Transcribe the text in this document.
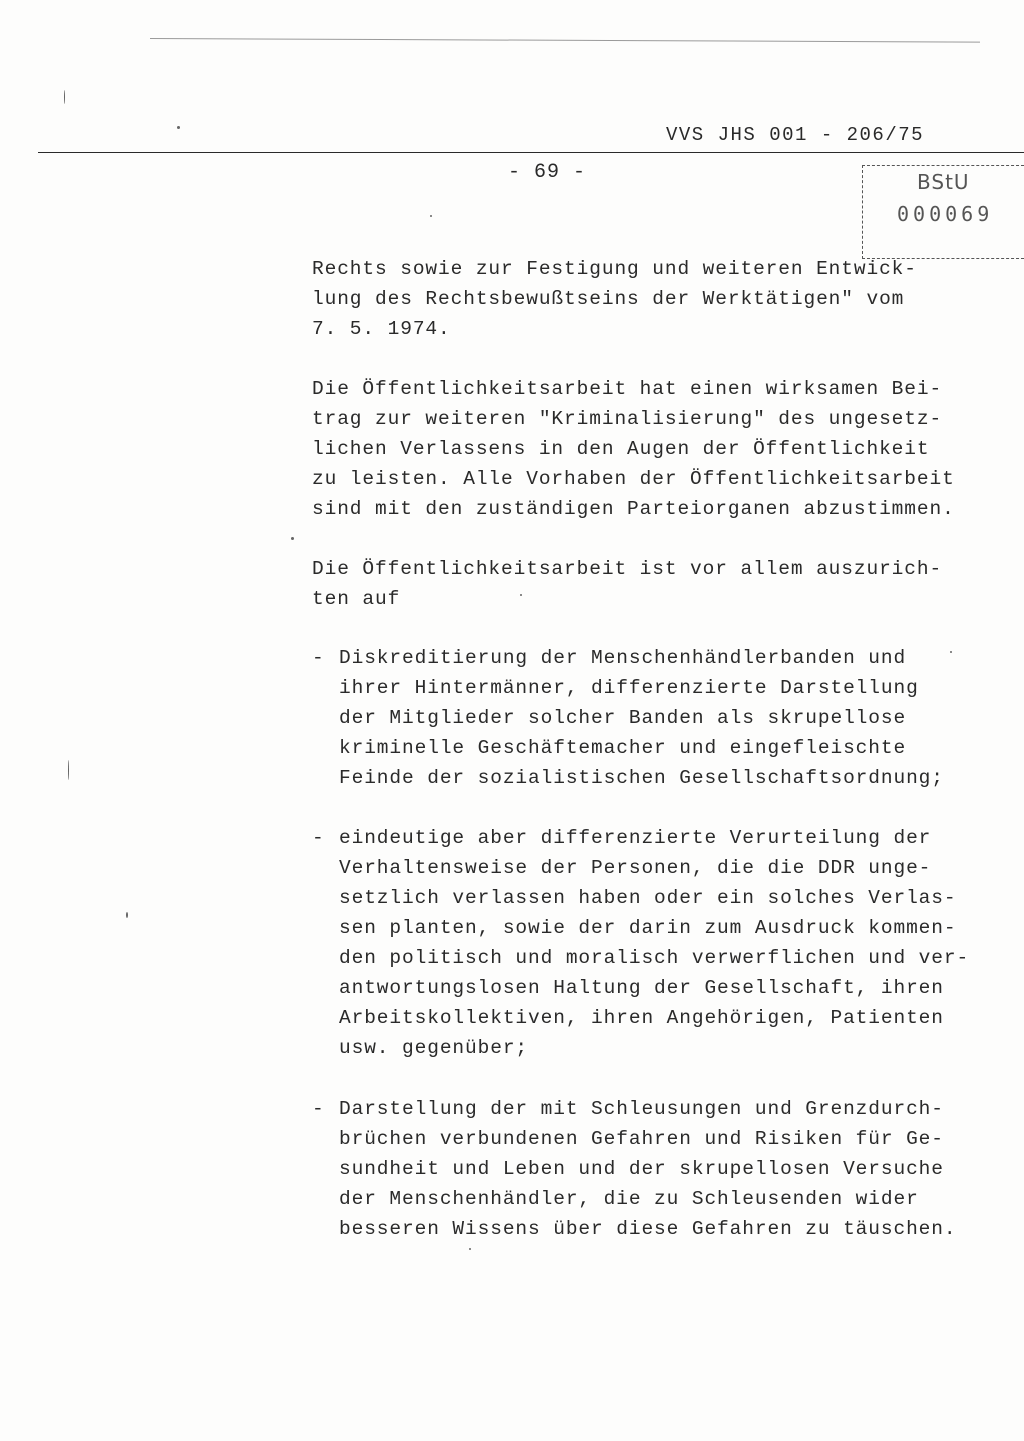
VVS JHS 001 - 206/75
- 69 -	BStU
000069

Rechts sowie zur Festigung und weiteren Entwick-

lung des Rechtsbewußtseins der Werktätigen" vom

7. 5. 1974.

Die Öffentlichkeitsarbeit hat einen wirksamen Bei-

trag zur weiteren "Kriminalisierung" des ungesetz-

lichen Verlassens in den Augen der Öffentlichkeit

zu leisten. Alle Vorhaben der Öffentlichkeitsarbeit

sind mit den zuständigen Parteiorganen abzustimmen.

Die Öffentlichkeitsarbeit ist vor allem auszurich-

ten auf

- Diskreditierung der Menschenhändlerbanden und
ihrer Hintermänner, differenzierte Darstellung
der Mitglieder solcher Banden als skrupellose
kriminelle Geschäftemacher und eingefleischte
Feinde der sozialistischen Gesellschaftsordnung;
- eindeutige aber differenzierte Verurteilung der
Verhaltensweise der Personen, die die DDR unge-
setzlich verlassen haben oder ein solches Verlas-
sen planten, sowie der darin zum Ausdruck kommen-
den politisch und moralisch verwerflichen und ver-
antwortungslosen Haltung der Gesellschaft, ihren
Arbeitskollektiven, ihren Angehörigen, Patienten
usw. gegenüber;
- Darstellung der mit Schleusungen und Grenzdurch-
brüchen verbundenen Gefahren und Risiken für Ge-
sundheit und Leben und der skrupellosen Versuche
der Menschenhändler, die zu Schleusenden wider
besseren Wissens über diese Gefahren zu täuschen.
